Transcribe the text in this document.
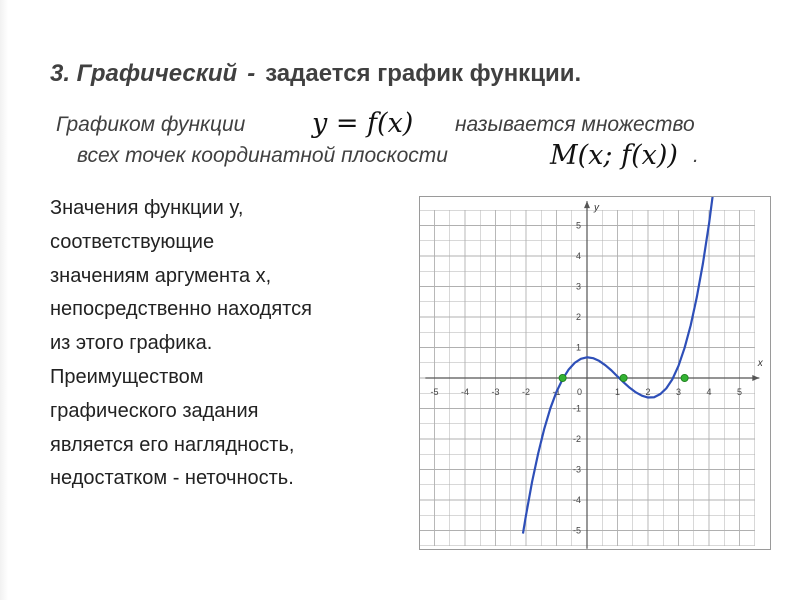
3. Графический - задается график функции.
Графиком функции y = f(x) называется множество
всех точек координатной плоскости	M(x; f(x)) .
Значения функции y,
соответствующие
значениям аргумента x,
непосредственно находятся
из этого графика.
Преимуществом
графического задания
является его наглядность,
недостатком - неточность.
x
y
-5 -4 -3 -2 -1	1	2	3	4	5
-5
-4
-3
-2
-1
1
2
3
4
5
0
